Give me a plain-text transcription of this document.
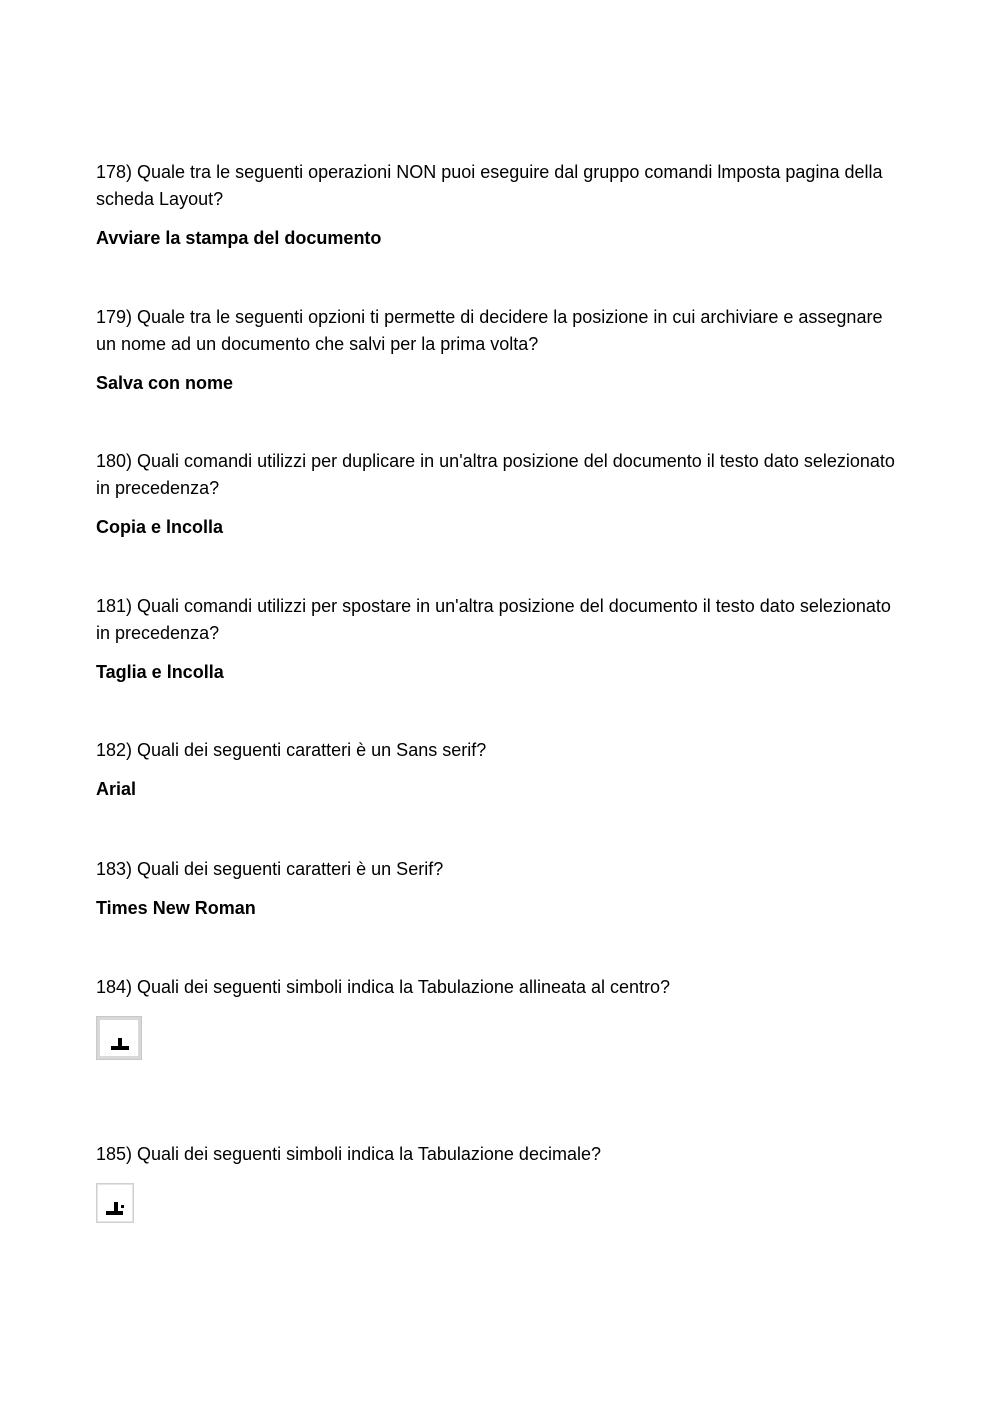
178) Quale tra le seguenti operazioni NON puoi eseguire dal gruppo comandi lmposta pagina della scheda Layout?

Avviare la stampa del documento

179) Quale tra le seguenti opzioni ti permette di decidere la posizione in cui archiviare e assegnare un nome ad un documento che salvi per la prima volta?

Salva con nome

180) Quali comandi utilizzi per duplicare in un'altra posizione del documento il testo dato selezionato in precedenza?

Copia e lncolla

181) Quali comandi utilizzi per spostare in un'altra posizione del documento il testo dato selezionato in precedenza?

Taglia e lncolla

182) Quali dei seguenti caratteri è un Sans serif?

Arial

183) Quali dei seguenti caratteri è un Serif?

Times New Roman

184) Quali dei seguenti simboli indica la Tabulazione allineata al centro?

185) Quali dei seguenti simboli indica la Tabulazione decimale?
